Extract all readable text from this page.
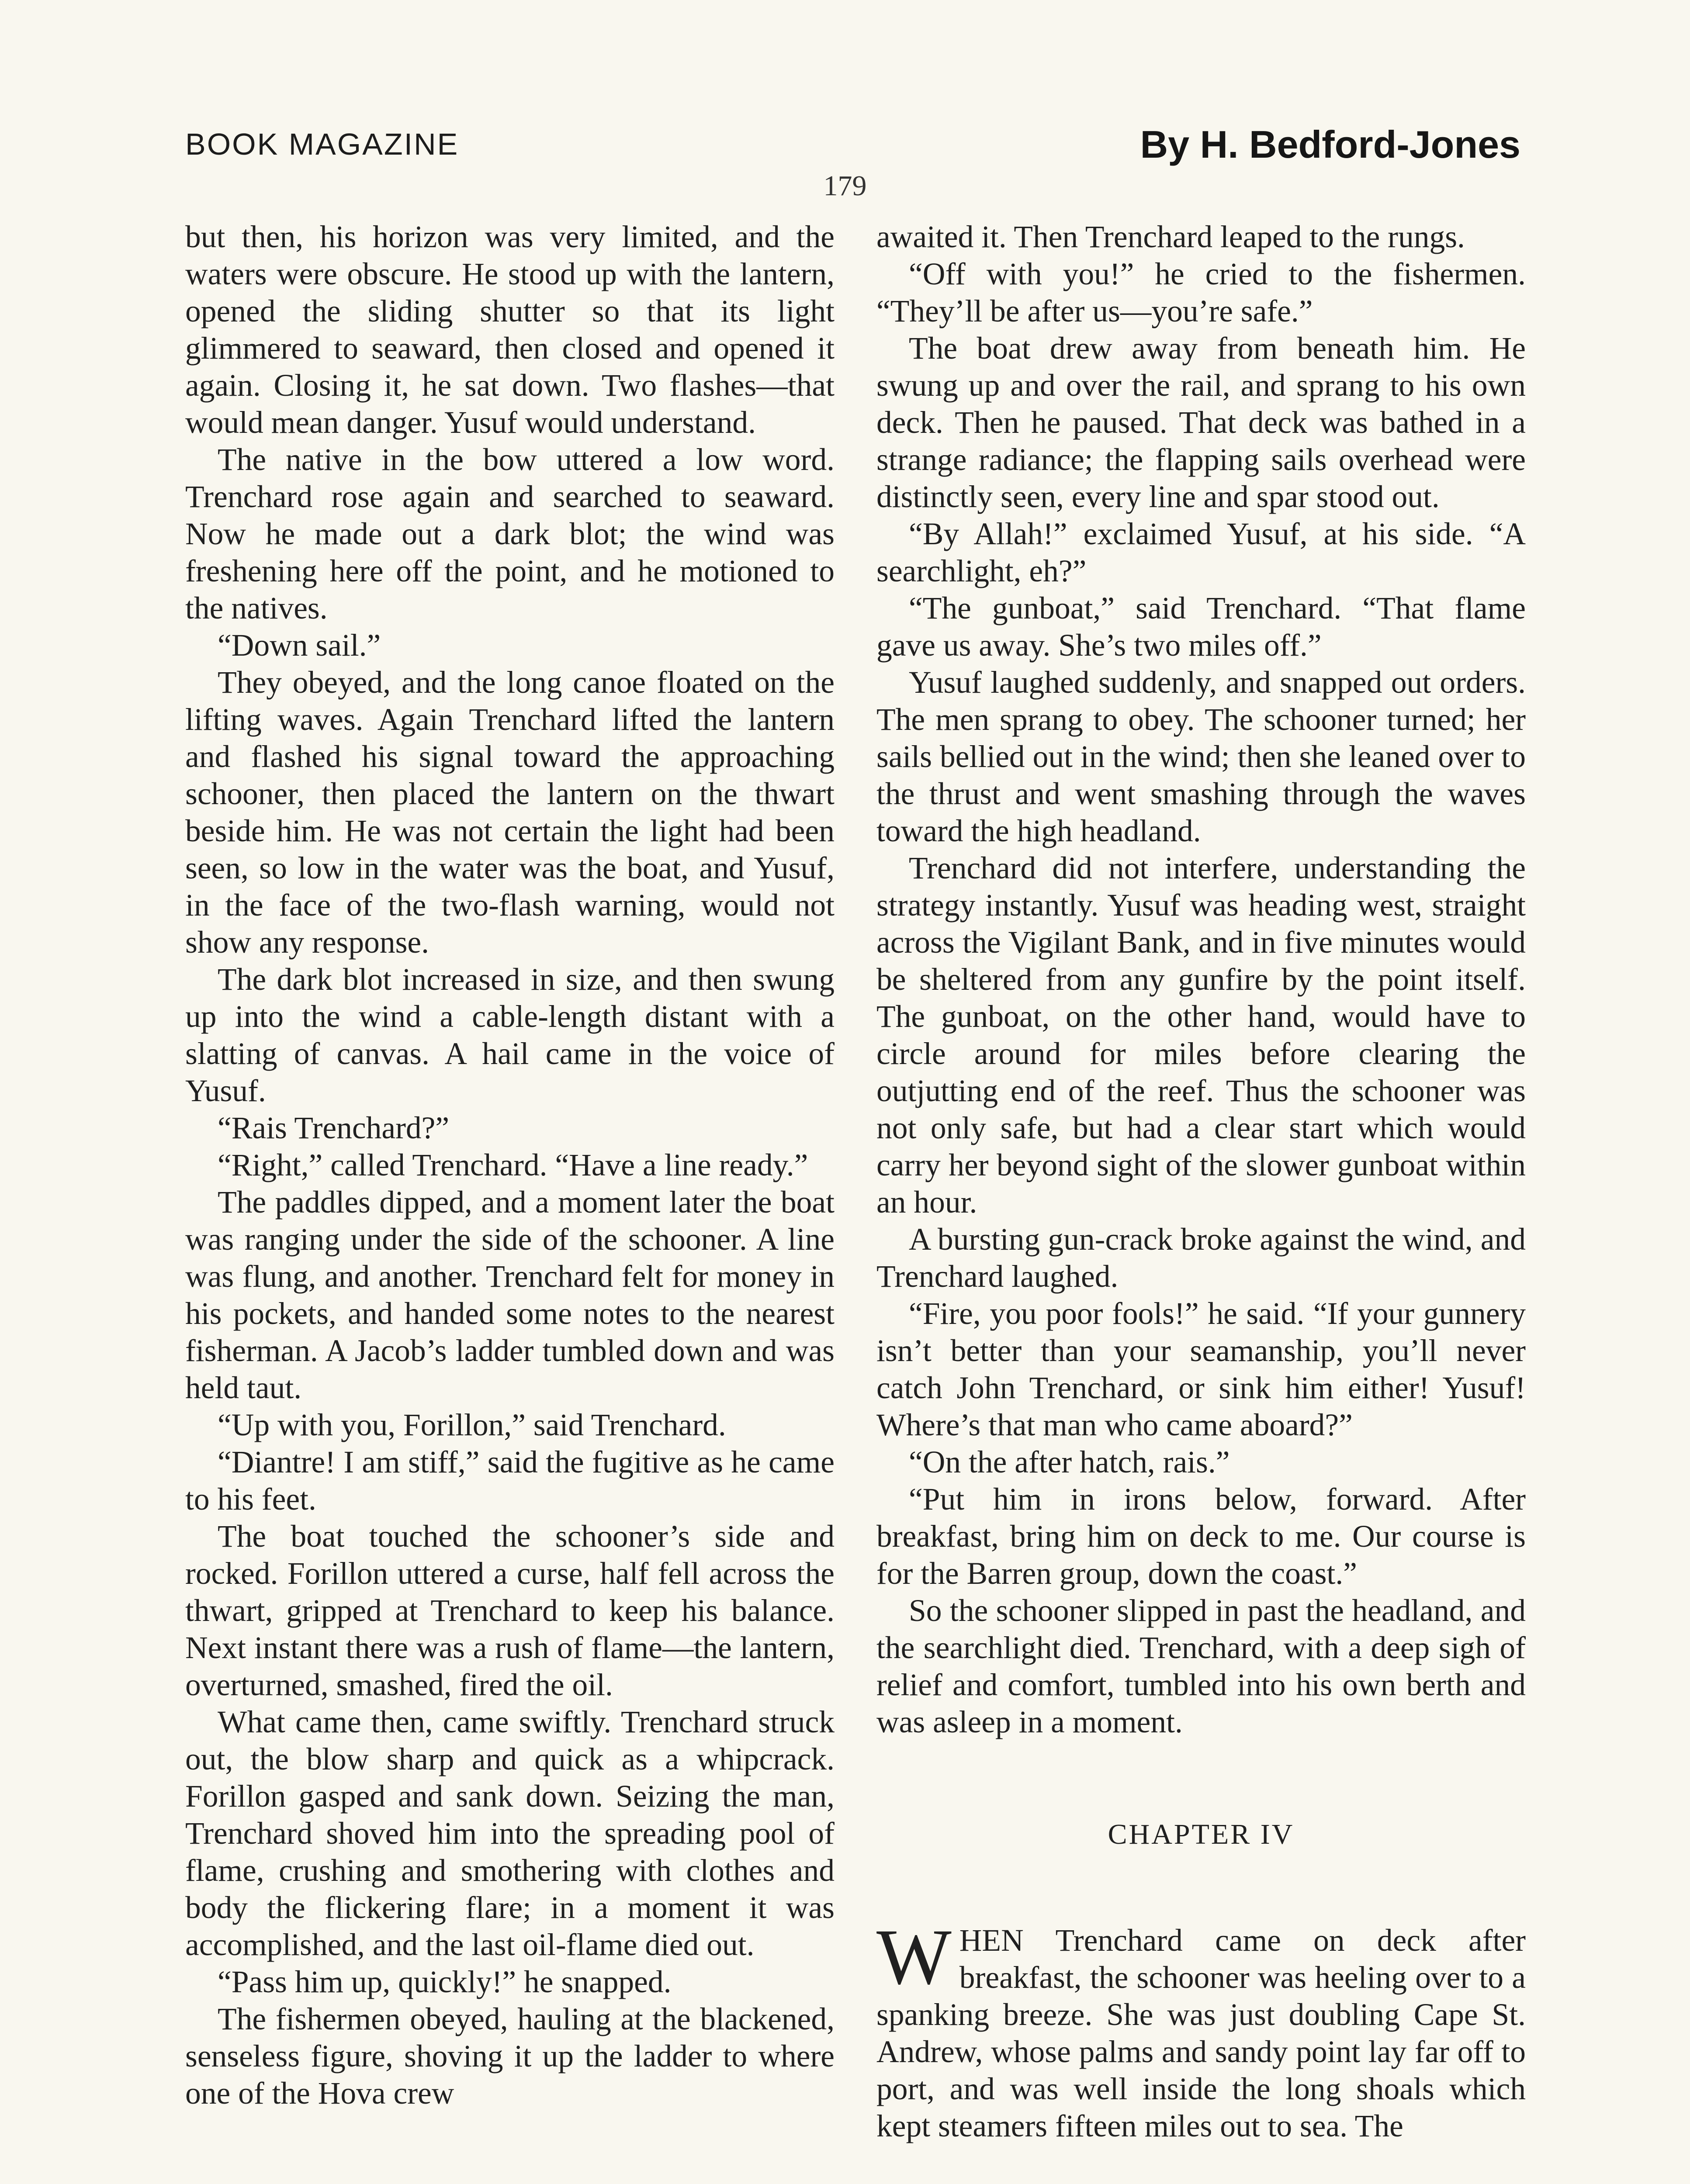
BOOK MAGAZINE	By H. Bedford-Jones
179

but then, his horizon was very limited, and the waters were obscure. He stood up with the lantern, opened the sliding shutter so that its light glimmered to seaward, then closed and opened it again. Closing it, he sat down. Two flashes—that would mean danger. Yusuf would understand.

The native in the bow uttered a low word. Trenchard rose again and searched to seaward. Now he made out a dark blot; the wind was freshening here off the point, and he motioned to the natives.

“Down sail.”

They obeyed, and the long canoe floated on the lifting waves. Again Trenchard lifted the lantern and flashed his signal toward the approaching schooner, then placed the lantern on the thwart beside him. He was not certain the light had been seen, so low in the water was the boat, and Yusuf, in the face of the two-flash warning, would not show any response.

The dark blot increased in size, and then swung up into the wind a cable-length distant with a slatting of canvas. A hail came in the voice of Yusuf.

“Rais Trenchard?”

“Right,” called Trenchard. “Have a line ready.”

The paddles dipped, and a moment later the boat was ranging under the side of the schooner. A line was flung, and another. Trenchard felt for money in his pockets, and handed some notes to the nearest fisherman. A Jacob’s ladder tumbled down and was held taut.

“Up with you, Forillon,” said Trenchard.

“Diantre! I am stiff,” said the fugitive as he came to his feet.

The boat touched the schooner’s side and rocked. Forillon uttered a curse, half fell across the thwart, gripped at Trenchard to keep his balance. Next instant there was a rush of flame—the lantern, overturned, smashed, fired the oil.

What came then, came swiftly. Trenchard struck out, the blow sharp and quick as a whipcrack. Forillon gasped and sank down. Seizing the man, Trenchard shoved him into the spreading pool of flame, crushing and smothering with clothes and body the flickering flare; in a moment it was accomplished, and the last oil-flame died out.

“Pass him up, quickly!” he snapped.

The fishermen obeyed, hauling at the blackened, senseless figure, shoving it up the ladder to where one of the Hova crew

awaited it. Then Trenchard leaped to the rungs.

“Off with you!” he cried to the fishermen. “They’ll be after us—you’re safe.”

The boat drew away from beneath him. He swung up and over the rail, and sprang to his own deck. Then he paused. That deck was bathed in a strange radiance; the flapping sails overhead were distinctly seen, every line and spar stood out.

“By Allah!” exclaimed Yusuf, at his side. “A searchlight, eh?”

“The gunboat,” said Trenchard. “That flame gave us away. She’s two miles off.”

Yusuf laughed suddenly, and snapped out orders. The men sprang to obey. The schooner turned; her sails bellied out in the wind; then she leaned over to the thrust and went smashing through the waves toward the high headland.

Trenchard did not interfere, understanding the strategy instantly. Yusuf was heading west, straight across the Vigilant Bank, and in five minutes would be sheltered from any gunfire by the point itself. The gunboat, on the other hand, would have to circle around for miles before clearing the outjutting end of the reef. Thus the schooner was not only safe, but had a clear start which would carry her beyond sight of the slower gunboat within an hour.

A bursting gun-crack broke against the wind, and Trenchard laughed.

“Fire, you poor fools!” he said. “If your gunnery isn’t better than your seamanship, you’ll never catch John Trenchard, or sink him either! Yusuf! Where’s that man who came aboard?”

“On the after hatch, rais.”

“Put him in irons below, forward. After breakfast, bring him on deck to me. Our course is for the Barren group, down the coast.”

So the schooner slipped in past the headland, and the searchlight died. Trenchard, with a deep sigh of relief and comfort, tumbled into his own berth and was asleep in a moment.

CHAPTER IV

WHEN Trenchard came on deck after breakfast, the schooner was heeling over to a spanking breeze. She was just doubling Cape St. Andrew, whose palms and sandy point lay far off to port, and was well inside the long shoals which kept steamers fifteen miles out to sea. The
